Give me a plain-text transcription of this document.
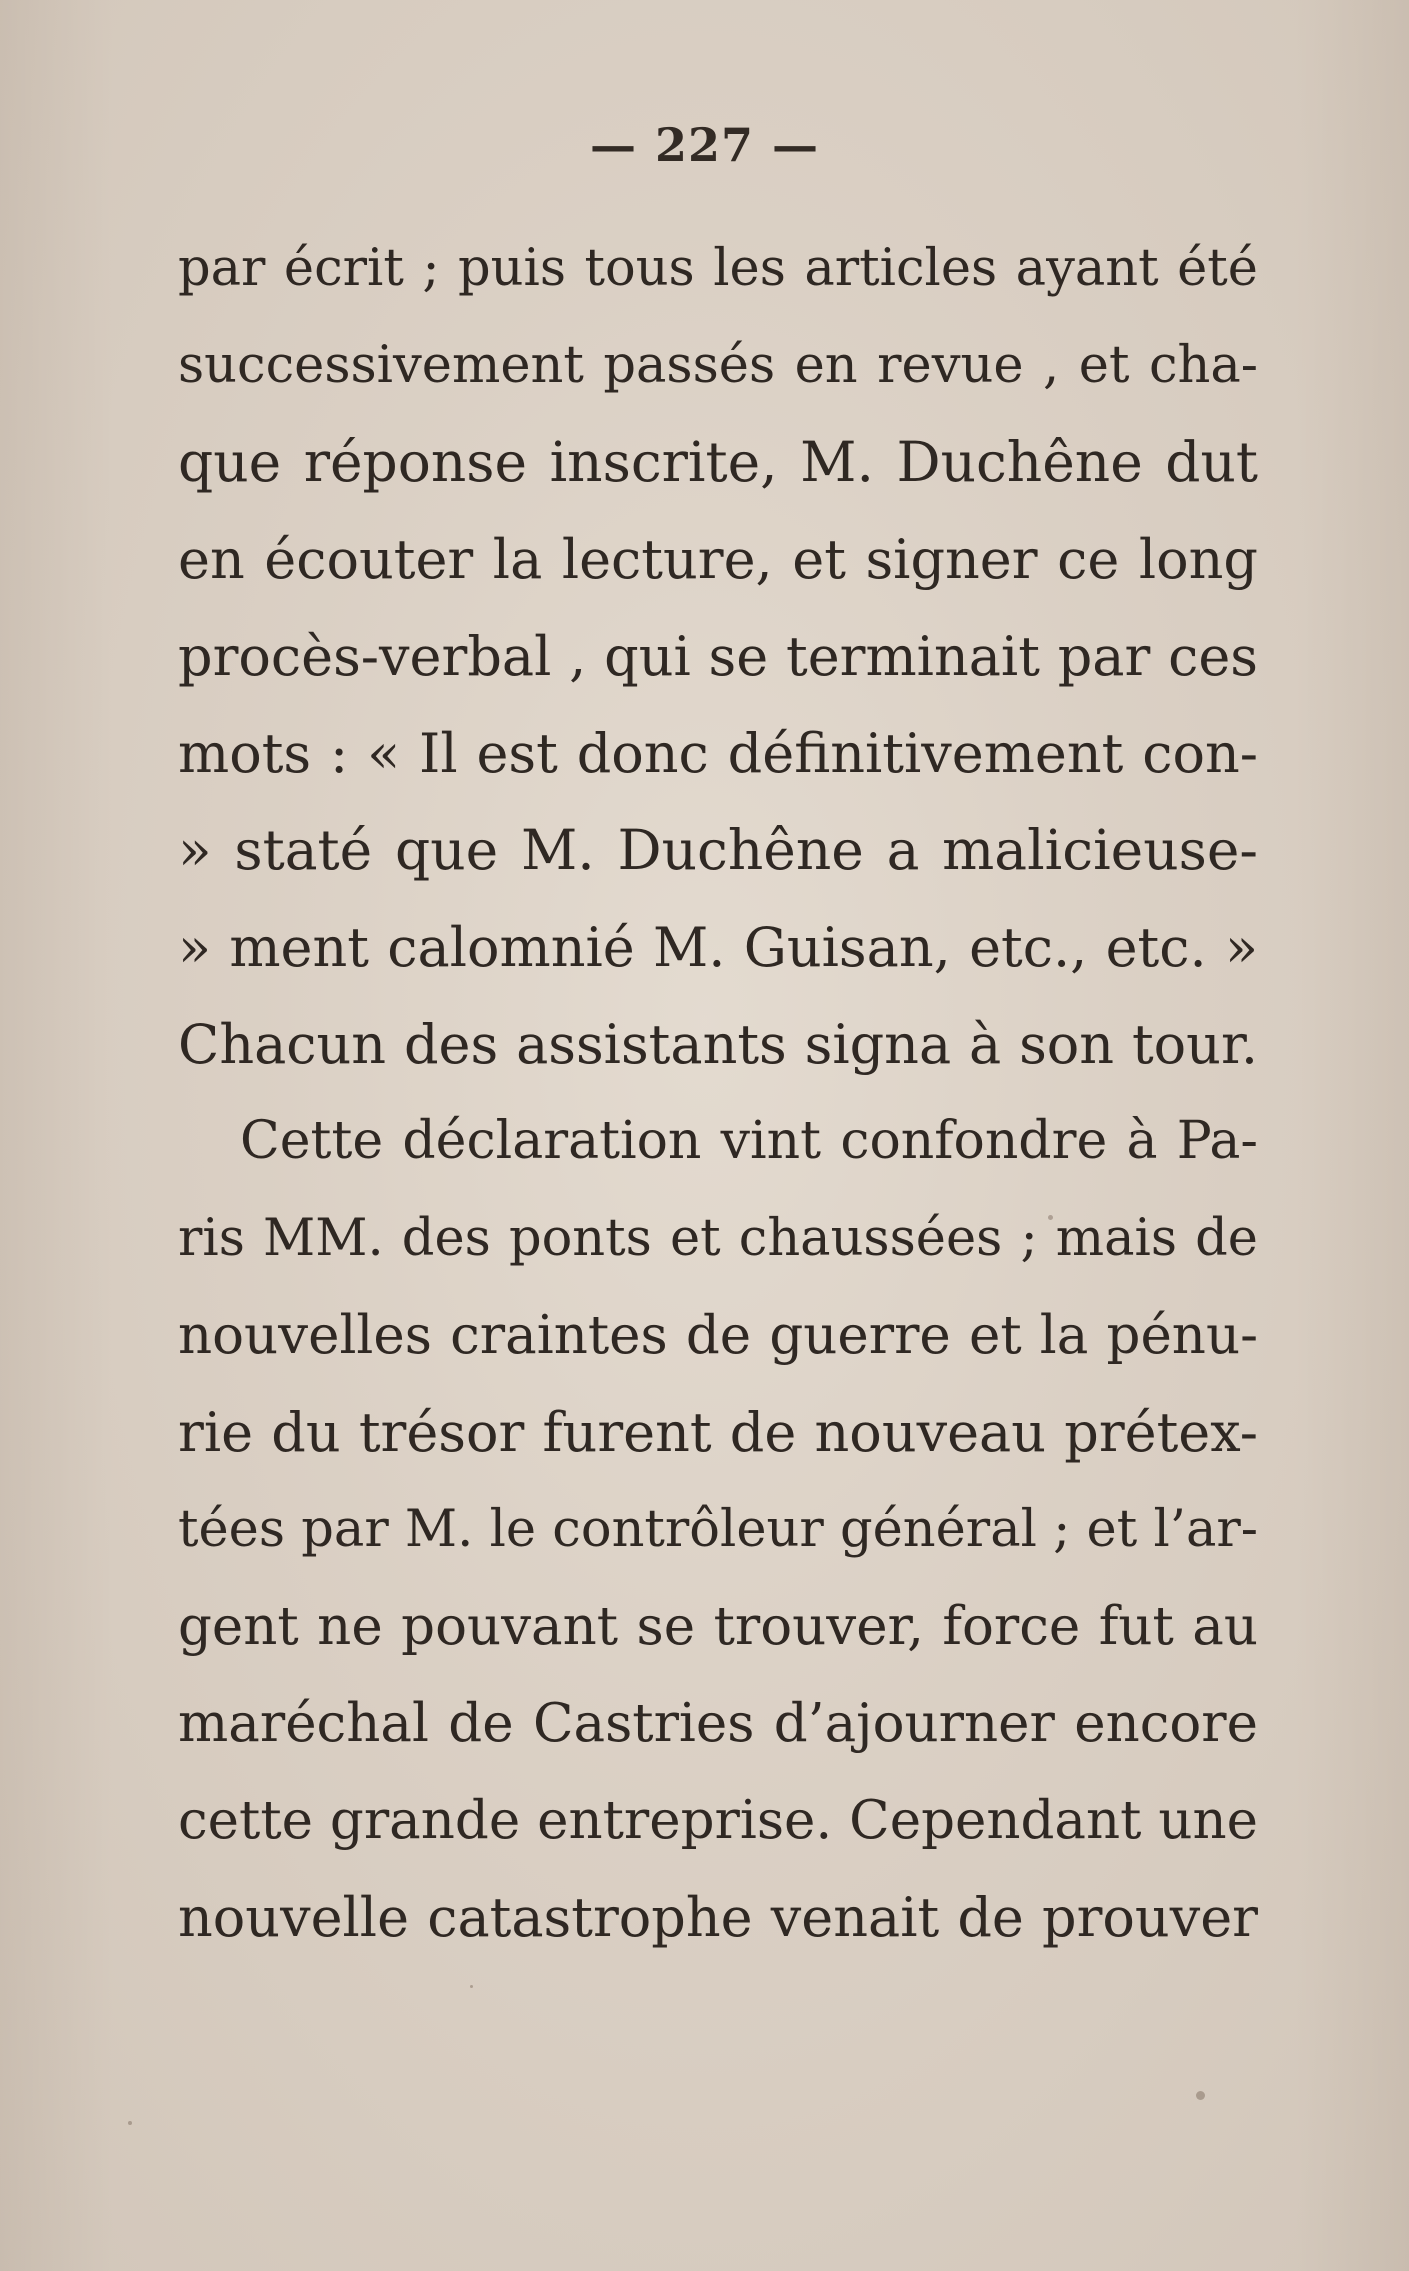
— 227 —
par écrit ; puis tous les articles ayant été
successivement passés en revue , et cha-
que réponse inscrite, M. Duchêne dut
en écouter la lecture, et signer ce long
procès-verbal , qui se terminait par ces
mots : « Il est donc définitivement con-
» staté que M. Duchêne a malicieuse-
» ment calomnié M. Guisan, etc., etc. »
Chacun des assistants signa à son tour.
Cette déclaration vint confondre à Pa-
ris MM. des ponts et chaussées ; mais de
nouvelles craintes de guerre et la pénu-
rie du trésor furent de nouveau prétex-
tées par M. le contrôleur général ; et l’ar-
gent ne pouvant se trouver, force fut au
maréchal de Castries d’ajourner encore
cette grande entreprise. Cependant une
nouvelle catastrophe venait de prouver
